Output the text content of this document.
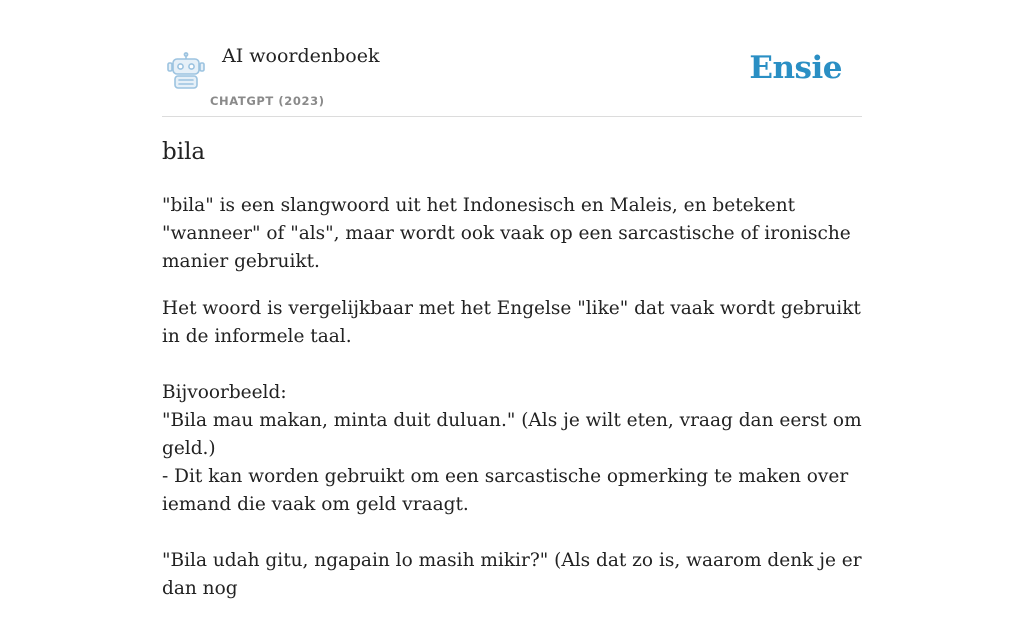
AI woordenboek
CHATGPT (2023)
Ensie
bila

"bila" is een slangwoord uit het Indonesisch en Maleis, en betekent "wanneer" of "als", maar wordt ook vaak op een sarcastische of ironische manier gebruikt.

Het woord is vergelijkbaar met het Engelse "like" dat vaak wordt gebruikt in de informele taal.

Bijvoorbeeld:
"Bila mau makan, minta duit duluan." (Als je wilt eten, vraag dan eerst om geld.)
- Dit kan worden gebruikt om een sarcastische opmerking te maken over iemand die vaak om geld vraagt.

"Bila udah gitu, ngapain lo masih mikir?" (Als dat zo is, waarom denk je er dan nog
